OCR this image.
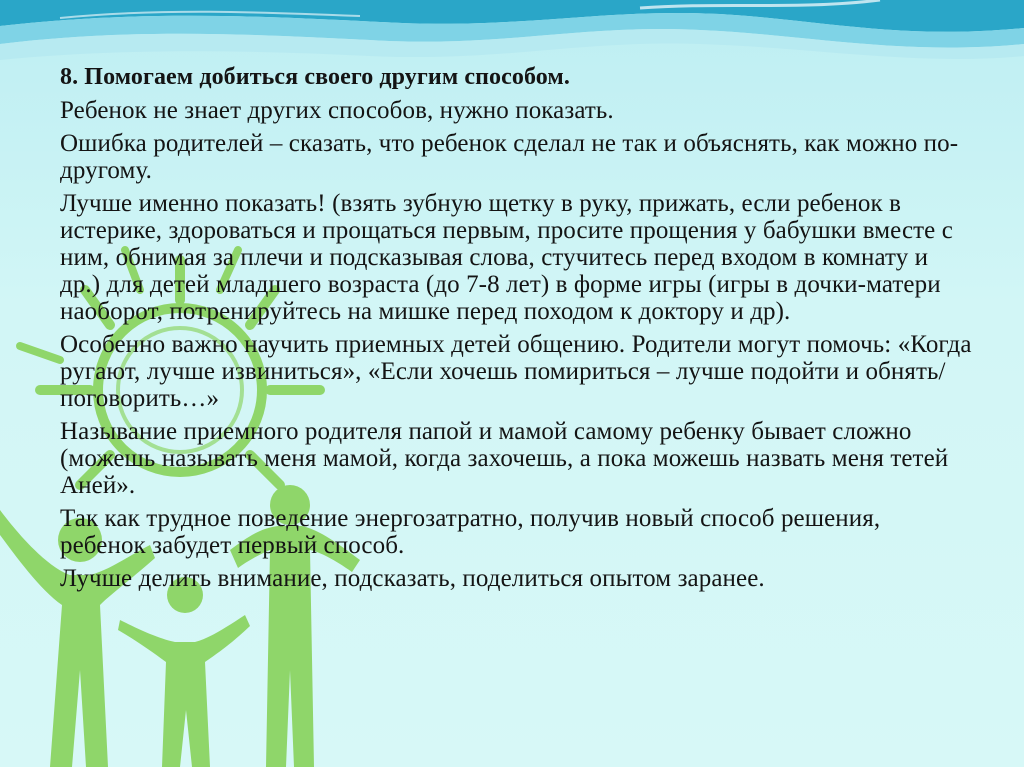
8. Помогаем добиться своего другим способом.

Ребенок не знает других способов, нужно показать.

Ошибка родителей – сказать, что ребенок сделал не так и объяснять, как можно по-другому.

Лучше именно показать! (взять зубную щетку в руку, прижать, если ребенок в истерике, здороваться и прощаться первым, просите прощения у бабушки вместе с ним, обнимая за плечи и подсказывая слова, стучитесь перед входом в комнату и др.) для детей младшего возраста (до 7-8 лет) в форме игры (игры в дочки-матери наоборот, потренируйтесь на мишке перед походом к доктору и др).

Особенно важно научить приемных детей общению. Родители могут помочь: «Когда ругают, лучше извиниться», «Если хочешь помириться – лучше подойти и обнять/поговорить…»

Называние приемного родителя папой и мамой самому ребенку бывает сложно (можешь называть меня мамой, когда захочешь, а пока можешь назвать меня тетей Аней».

Так как трудное поведение энергозатратно, получив новый способ решения, ребенок забудет первый способ.

Лучше делить внимание, подсказать, поделиться опытом заранее.
